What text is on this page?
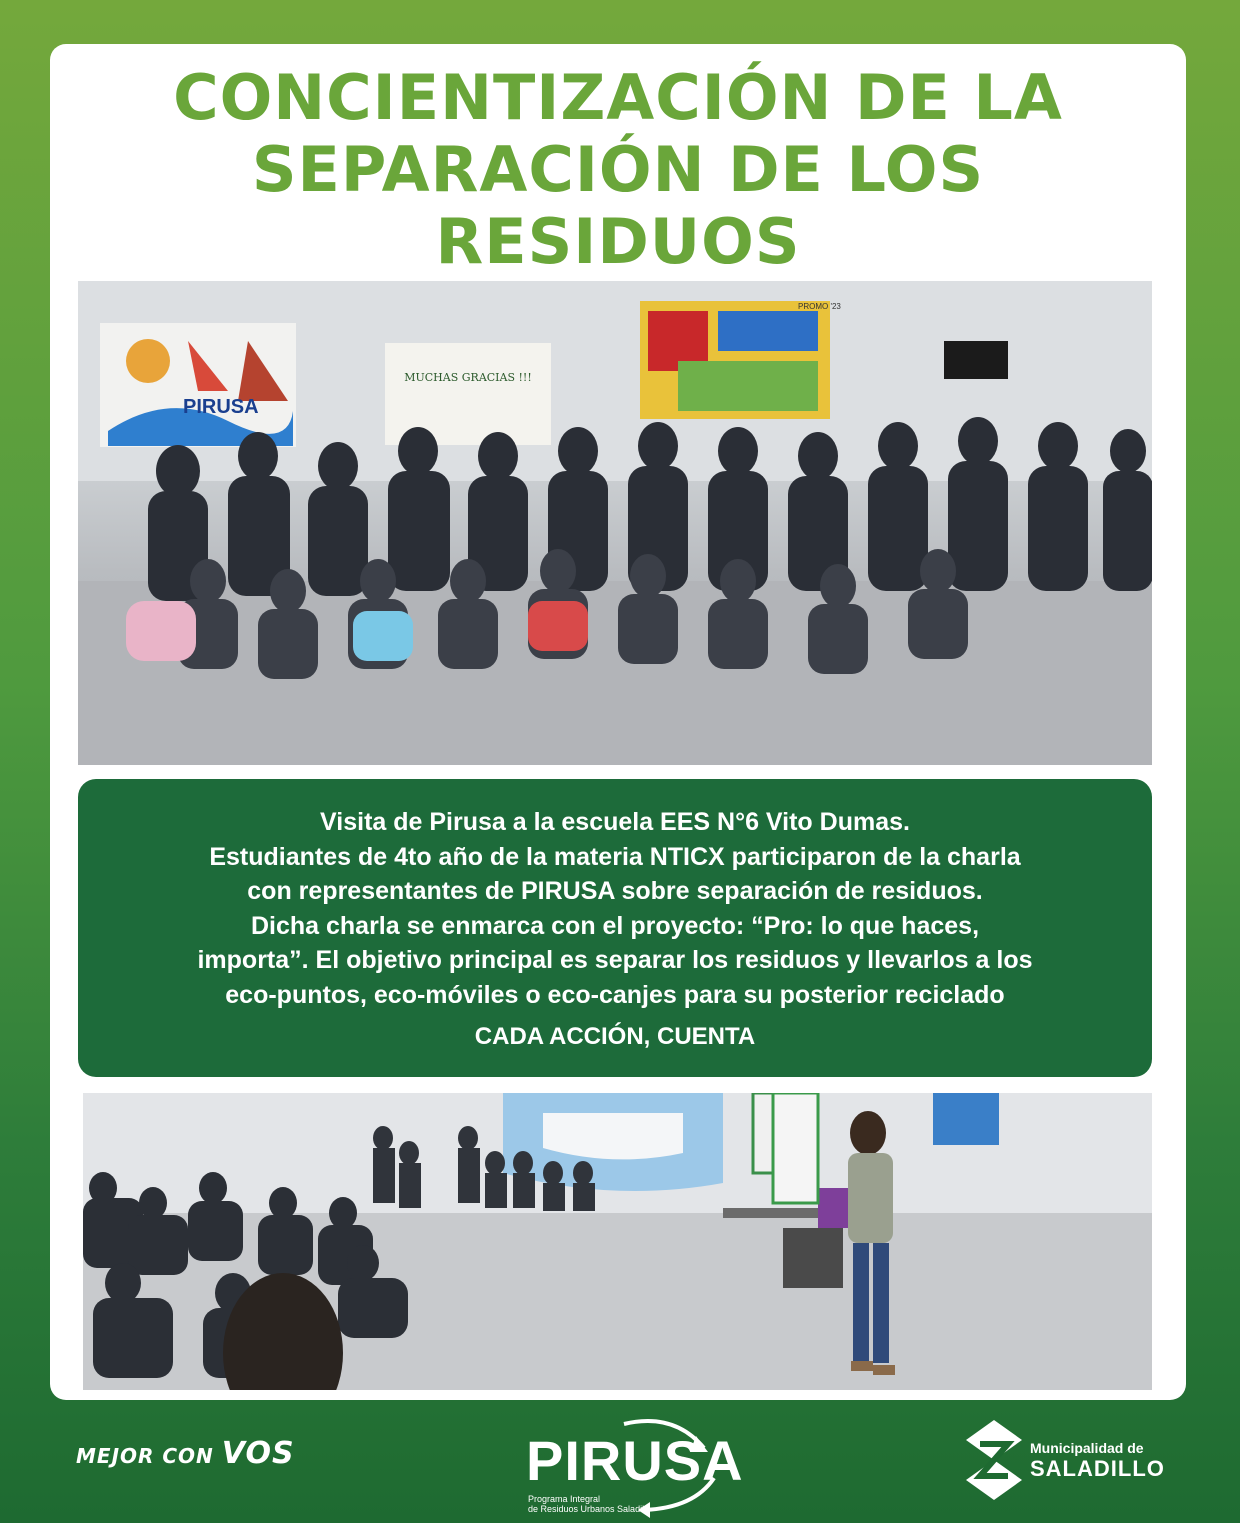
CONCIENTIZACIÓN DE LA
SEPARACIÓN DE LOS
RESIDUOS
PIRUSA
MUCHAS GRACIAS !!!
PROMO '23

Visita de Pirusa a la escuela EES N°6 Vito Dumas.

Estudiantes de 4to año de la materia NTICX participaron de la charla

con representantes de PIRUSA sobre separación de residuos.

Dicha charla se enmarca con el proyecto: “Pro: lo que haces,

importa”. El objetivo principal es separar los residuos y llevarlos a los

eco-puntos, eco-móviles o eco-canjes para su posterior reciclado

CADA ACCIÓN, CUENTA

MEJOR CON VOS	PIRUSA
Programa Integral
de Residuos Urbanos Saladillo
Municipalidad de
SALADILLO
